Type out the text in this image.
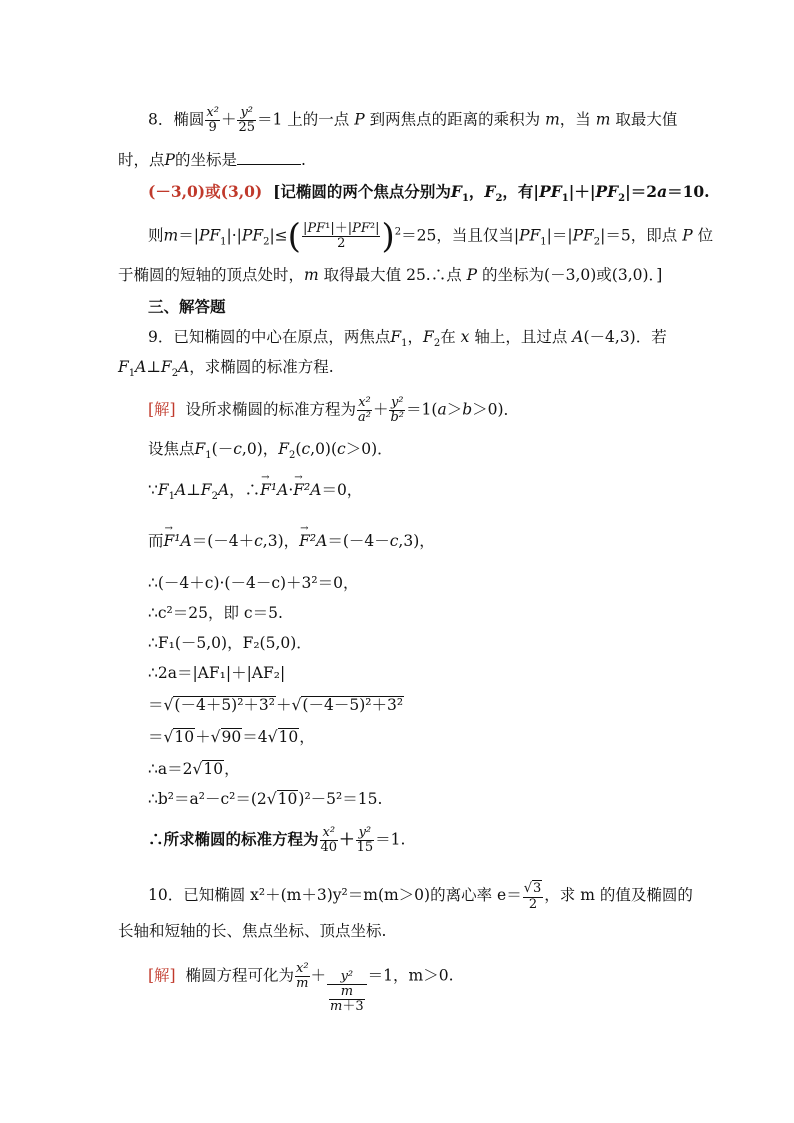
8．椭圆 $\frac{\text{x²}}{9} + \frac{\text{y²}}{25} =1$ 上的一点 P 到两焦点的距离的乘积为 m，当 m 取最大值
时，点P的坐标是	.
(－3,0)或(3,0) [记椭圆的两个焦点分别为$F_1$，$F_2$，有$|PF_1|+|PF_2|=2a=10$.
则$m=|PF_1|\cdot|PF_2|\le( \frac{\text{|PF¹|＋|PF²|}}{2} )^2=25$，当且仅当$|PF_1|=|PF_2|=5$，即点 P 位
于椭圆的短轴的顶点处时，m 取得最大值 25.∴点 P 的坐标为(－3,0)或(3,0)．]
三、解答题
9．已知椭圆的中心在原点，两焦点$F_1$，$F_2$在 x 轴上，且过点 A(－4,3)．若
$F_1A\perp F_2A$，求椭圆的标准方程.
[解] 设所求椭圆的标准方程为 $\frac{\text{x²}}{\text{a²}} + \frac{\text{y²}}{\text{b²}} =1(a>b>0)$．
设焦点$F_1(-c,0)$，$F_2(c,0)(c>0)$．
$\because F_1A\perp F_2A$，∴→ F¹A·→ F²A＝0，
而→ F¹A＝(－4＋c,3)，→ F²A＝(－4－c,3)，
∴(－4＋c)·(－4－c)＋3²＝0，
∴c²＝25，即 c＝5.
∴F₁(－5,0)，F₂(5,0)．
∴2a＝|AF₁|＋|AF₂|
＝√(－4＋5)²＋3²＋√(－4－5)²＋3²
＝√10＋√90＝4√10，
∴a＝2√10，
∴b²＝a²－c²＝(2√10)²－5²＝15.
∴所求椭圆的标准方程为 $\frac{\text{x²}}{40} + \frac{\text{y²}}{15} =1$.
10．已知椭圆 x²＋(m＋3)y²＝m(m＞0)的离心率 $e= \frac{√3}{2}$ ，求 m 的值及椭圆的
长轴和短轴的长、焦点坐标、顶点坐标.
[解] 椭圆方程可化为 $\frac{\text{x²}}{m} + \frac{\text{y²}}{\frac{m}{m+3}} =1$，m＞0.
